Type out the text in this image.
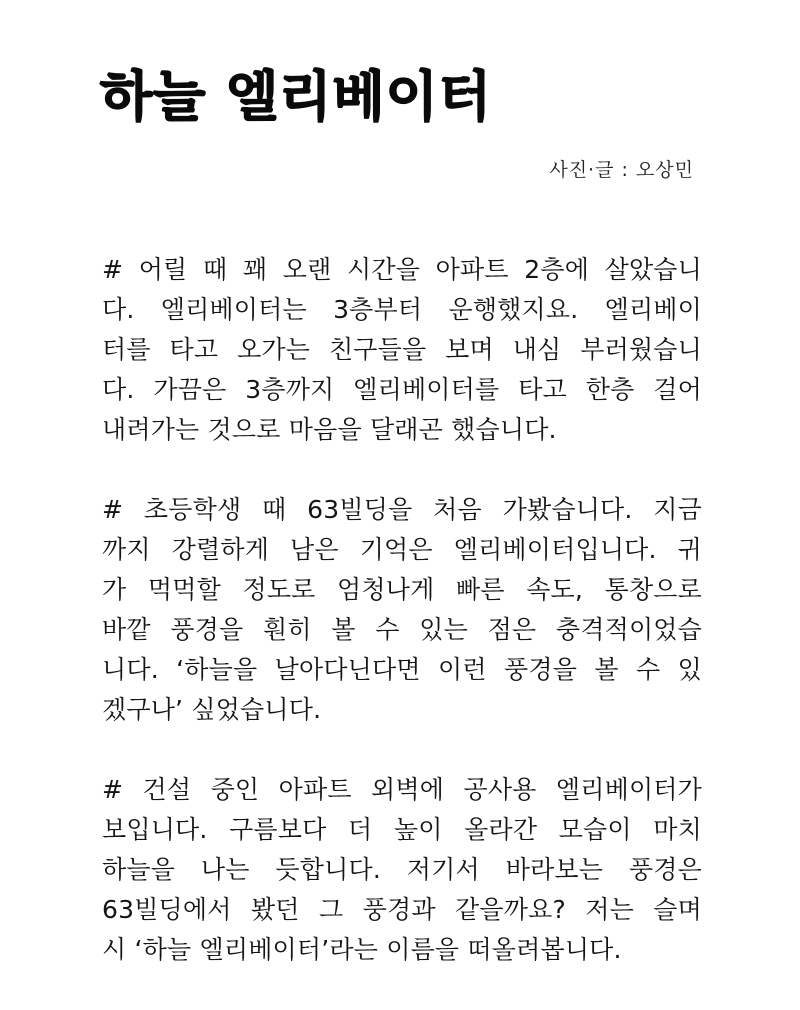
하늘 엘리베이터
사진·글 : 오상민

# 어릴 때 꽤 오랜 시간을 아파트 2층에 살았습니
다. 엘리베이터는 3층부터 운행했지요. 엘리베이
터를 타고 오가는 친구들을 보며 내심 부러웠습니
다. 가끔은 3층까지 엘리베이터를 타고 한층 걸어
내려가는 것으로 마음을 달래곤 했습니다.

# 초등학생 때 63빌딩을 처음 가봤습니다. 지금
까지 강렬하게 남은 기억은 엘리베이터입니다. 귀
가 먹먹할 정도로 엄청나게 빠른 속도, 통창으로
바깥 풍경을 훤히 볼 수 있는 점은 충격적이었습
니다. ‘하늘을 날아다닌다면 이런 풍경을 볼 수 있
겠구나’ 싶었습니다.

# 건설 중인 아파트 외벽에 공사용 엘리베이터가
보입니다. 구름보다 더 높이 올라간 모습이 마치
하늘을 나는 듯합니다. 저기서 바라보는 풍경은
63빌딩에서 봤던 그 풍경과 같을까요? 저는 슬며
시 ‘하늘 엘리베이터’라는 이름을 떠올려봅니다.
